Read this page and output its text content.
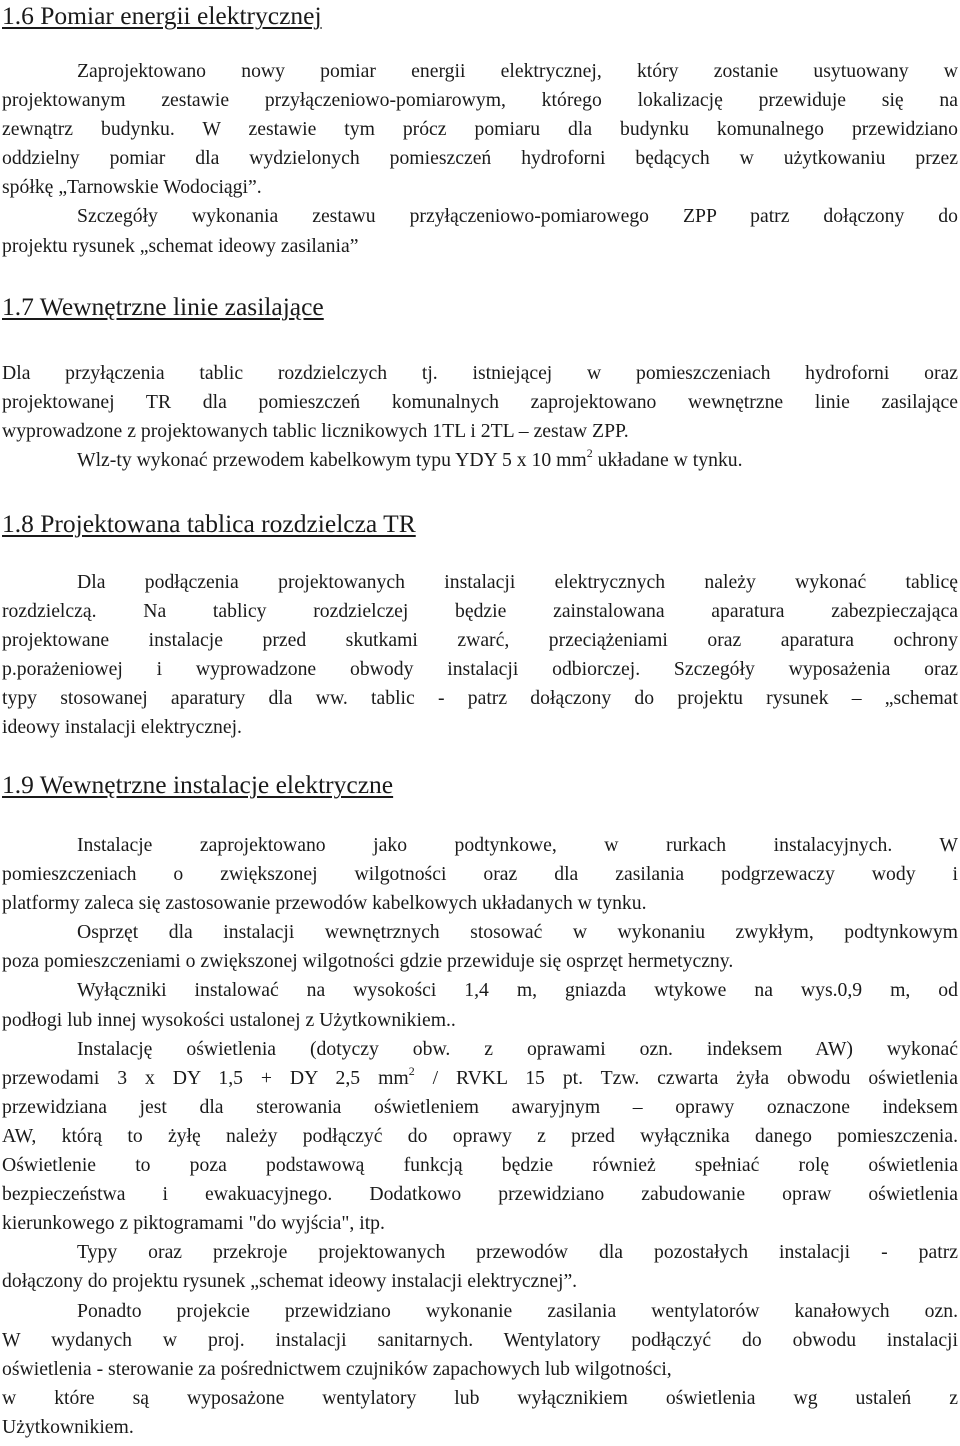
1.6 Pomiar energii elektrycznej
Zaprojektowano nowy pomiar energii elektrycznej, który zostanie usytuowany w
projektowanym zestawie przyłączeniowo-pomiarowym, którego lokalizację przewiduje się na
zewnątrz budynku. W zestawie tym prócz pomiaru dla budynku komunalnego przewidziano
oddzielny pomiar dla wydzielonych pomieszczeń hydroforni będących w użytkowaniu przez
spółkę „Tarnowskie Wodociągi”.
Szczegóły wykonania zestawu przyłączeniowo-pomiarowego ZPP patrz dołączony do
projektu rysunek „schemat ideowy zasilania”
1.7 Wewnętrzne linie zasilające
Dla przyłączenia tablic rozdzielczych tj. istniejącej w pomieszczeniach hydroforni oraz
projektowanej TR dla pomieszczeń komunalnych zaprojektowano wewnętrzne linie zasilające
wyprowadzone z projektowanych tablic licznikowych 1TL i 2TL – zestaw ZPP.
Wlz-ty wykonać przewodem kabelkowym typu YDY 5 x 10 $mm^2$ układane w tynku.
1.8 Projektowana tablica rozdzielcza TR
Dla podłączenia projektowanych instalacji elektrycznych należy wykonać tablicę
rozdzielczą. Na tablicy rozdzielczej będzie zainstalowana aparatura zabezpieczająca
projektowane instalacje przed skutkami zwarć, przeciążeniami oraz aparatura ochrony
p.porażeniowej i wyprowadzone obwody instalacji odbiorczej. Szczegóły wyposażenia oraz
typy stosowanej aparatury dla ww. tablic - patrz dołączony do projektu rysunek – „schemat
ideowy instalacji elektrycznej.
1.9 Wewnętrzne instalacje elektryczne
Instalacje zaprojektowano jako podtynkowe, w rurkach instalacyjnych. W
pomieszczeniach o zwiększonej wilgotności oraz dla zasilania podgrzewaczy wody i
platformy zaleca się zastosowanie przewodów kabelkowych układanych w tynku.
Osprzęt dla instalacji wewnętrznych stosować w wykonaniu zwykłym, podtynkowym
poza pomieszczeniami o zwiększonej wilgotności gdzie przewiduje się osprzęt hermetyczny.
Wyłączniki instalować na wysokości 1,4 m, gniazda wtykowe na wys.0,9 m, od
podłogi lub innej wysokości ustalonej z Użytkownikiem..
Instalację oświetlenia (dotyczy obw. z oprawami ozn. indeksem AW) wykonać
przewodami 3 x DY 1,5 + DY 2,5 $mm^2$ / RVKL 15 pt. Tzw. czwarta żyła obwodu oświetlenia
przewidziana jest dla sterowania oświetleniem awaryjnym – oprawy oznaczone indeksem
AW, którą to żyłę należy podłączyć do oprawy z przed wyłącznika danego pomieszczenia.
Oświetlenie to poza podstawową funkcją będzie również spełniać rolę oświetlenia
bezpieczeństwa i ewakuacyjnego. Dodatkowo przewidziano zabudowanie opraw oświetlenia
kierunkowego z piktogramami "do wyjścia", itp.
Typy oraz przekroje projektowanych przewodów dla pozostałych instalacji - patrz
dołączony do projektu rysunek „schemat ideowy instalacji elektrycznej”.
Ponadto projekcie przewidziano wykonanie zasilania wentylatorów kanałowych ozn.
W wydanych w proj. instalacji sanitarnych. Wentylatory podłączyć do obwodu instalacji
oświetlenia - sterowanie za pośrednictwem czujników zapachowych lub wilgotności,
w które są wyposażone wentylatory lub wyłącznikiem oświetlenia wg ustaleń z
Użytkownikiem.
